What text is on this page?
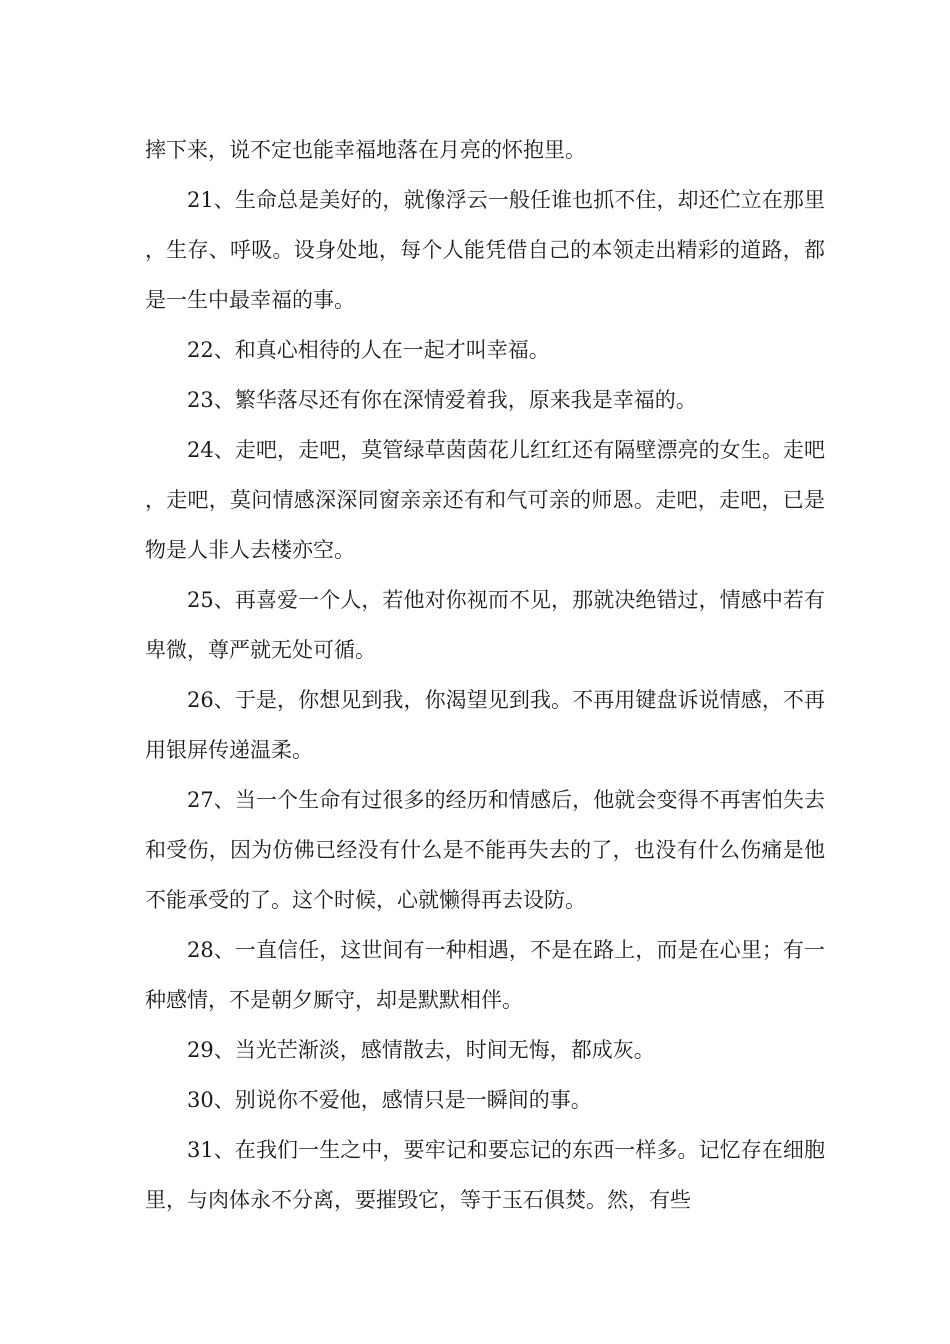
摔下来，说不定也能幸福地落在月亮的怀抱里。

21、生命总是美好的，就像浮云一般任谁也抓不住，却还伫立在那里，生存、呼吸。设身处地，每个人能凭借自己的本领走出精彩的道路，都是一生中最幸福的事。

22、和真心相待的人在一起才叫幸福。

23、繁华落尽还有你在深情爱着我，原来我是幸福的。

24、走吧，走吧，莫管绿草茵茵花儿红红还有隔壁漂亮的女生。走吧，走吧，莫问情感深深同窗亲亲还有和气可亲的师恩。走吧，走吧，已是物是人非人去楼亦空。

25、再喜爱一个人，若他对你视而不见，那就决绝错过，情感中若有卑微，尊严就无处可循。

26、于是，你想见到我，你渴望见到我。不再用键盘诉说情感，不再用银屏传递温柔。

27、当一个生命有过很多的经历和情感后，他就会变得不再害怕失去和受伤，因为仿佛已经没有什么是不能再失去的了，也没有什么伤痛是他不能承受的了。这个时候，心就懒得再去设防。

28、一直信任，这世间有一种相遇，不是在路上，而是在心里；有一种感情，不是朝夕厮守，却是默默相伴。

29、当光芒渐淡，感情散去，时间无悔，都成灰。

30、别说你不爱他，感情只是一瞬间的事。

31、在我们一生之中，要牢记和要忘记的东西一样多。记忆存在细胞里，与肉体永不分离，要摧毁它，等于玉石俱焚。然，有些
